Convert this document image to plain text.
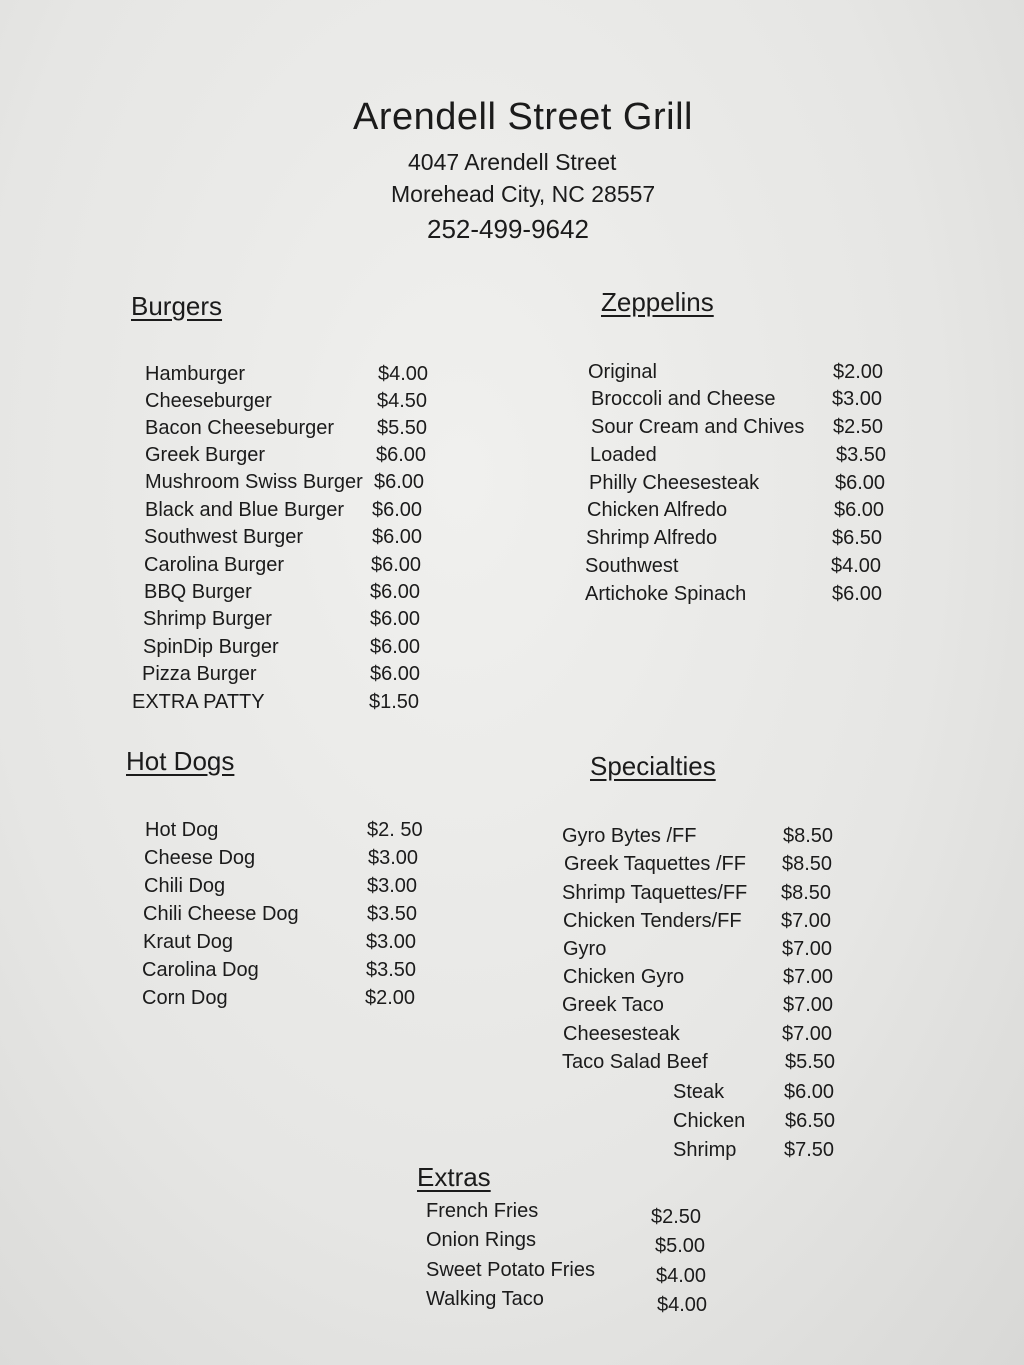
Arendell Street Grill
4047 Arendell Street
Morehead City, NC 28557
252-499-9642
Burgers	Zeppelins
Hot Dogs	Specialties
Extras
Hamburger	$4.00
Cheeseburger	$4.50
Bacon Cheeseburger $5.50
Greek Burger	$6.00
Mushroom Swiss Burger $6.00
Black and Blue Burger $6.00
Southwest Burger	$6.00
Carolina Burger	$6.00
BBQ Burger	$6.00
Shrimp Burger	$6.00
SpinDip Burger	$6.00
Pizza Burger	$6.00
EXTRA PATTY	$1.50
Original	$2.00
Broccoli and Cheese	$3.00
Sour Cream and Chives $2.50
Loaded	$3.50
Philly Cheesesteak	$6.00
Chicken Alfredo	$6.00
Shrimp Alfredo	$6.50
Southwest	$4.00
Artichoke Spinach	$6.00
Hot Dog	$2. 50
Cheese Dog	$3.00
Chili Dog	$3.00
Chili Cheese Dog	$3.50
Kraut Dog	$3.00
Carolina Dog	$3.50
Corn Dog	$2.00
Gyro Bytes /FF	$8.50
Greek Taquettes /FF $8.50
Shrimp Taquettes/FF $8.50
Chicken Tenders/FF $7.00
Gyro	$7.00
Chicken Gyro	$7.00
Greek Taco	$7.00
Cheesesteak	$7.00
Taco Salad Beef	$5.50
Steak	$6.00
Chicken $6.50
Shrimp $7.50
French Fries	$2.50
Onion Rings	$5.00
Sweet Potato Fries	$4.00
Walking Taco	$4.00
